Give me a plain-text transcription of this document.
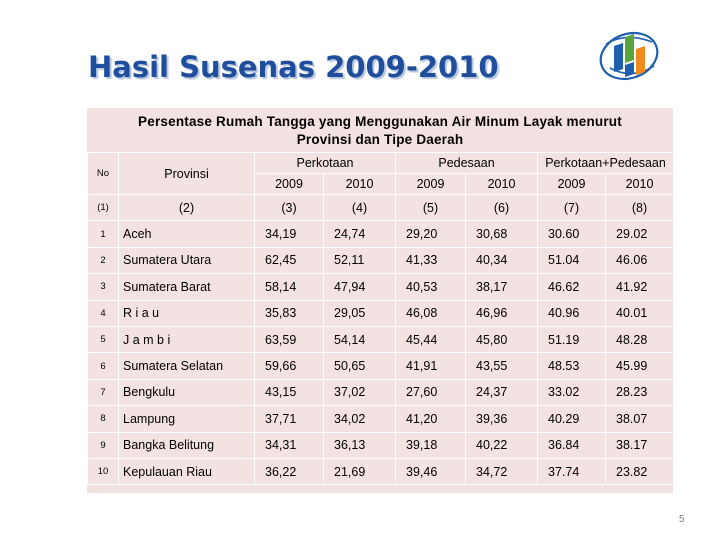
Hasil Susenas 2009-2010
Persentase Rumah Tangga yang Menggunakan Air Minum Layak menurut
Provinsi dan Tipe Daerah
No	Provinsi	Perkotaan		Pedesaan		Perkotaan+Pedesaan	
		2009	2010	2009	2010	2009	2010
(1)	(2)	(3)	(4)	(5)	(6)	(7)	(8)
1	Aceh	34,19	24,74	29,20	30,68	30.60	29.02
2	Sumatera Utara	62,45	52,11	41,33	40,34	51.04	46.06
3	Sumatera Barat	58,14	47,94	40,53	38,17	46.62	41.92
4	R i a u	35,83	29,05	46,08	46,96	40.96	40.01
5	J a m b i	63,59	54,14	45,44	45,80	51.19	48.28
6	Sumatera Selatan	59,66	50,65	41,91	43,55	48.53	45.99
7	Bengkulu	43,15	37,02	27,60	24,37	33.02	28.23
8	Lampung	37,71	34,02	41,20	39,36	40.29	38.07
9	Bangka Belitung	34,31	36,13	39,18	40,22	36.84	38.17
10	Kepulauan Riau	36,22	21,69	39,46	34,72	37.74	23.82
5
